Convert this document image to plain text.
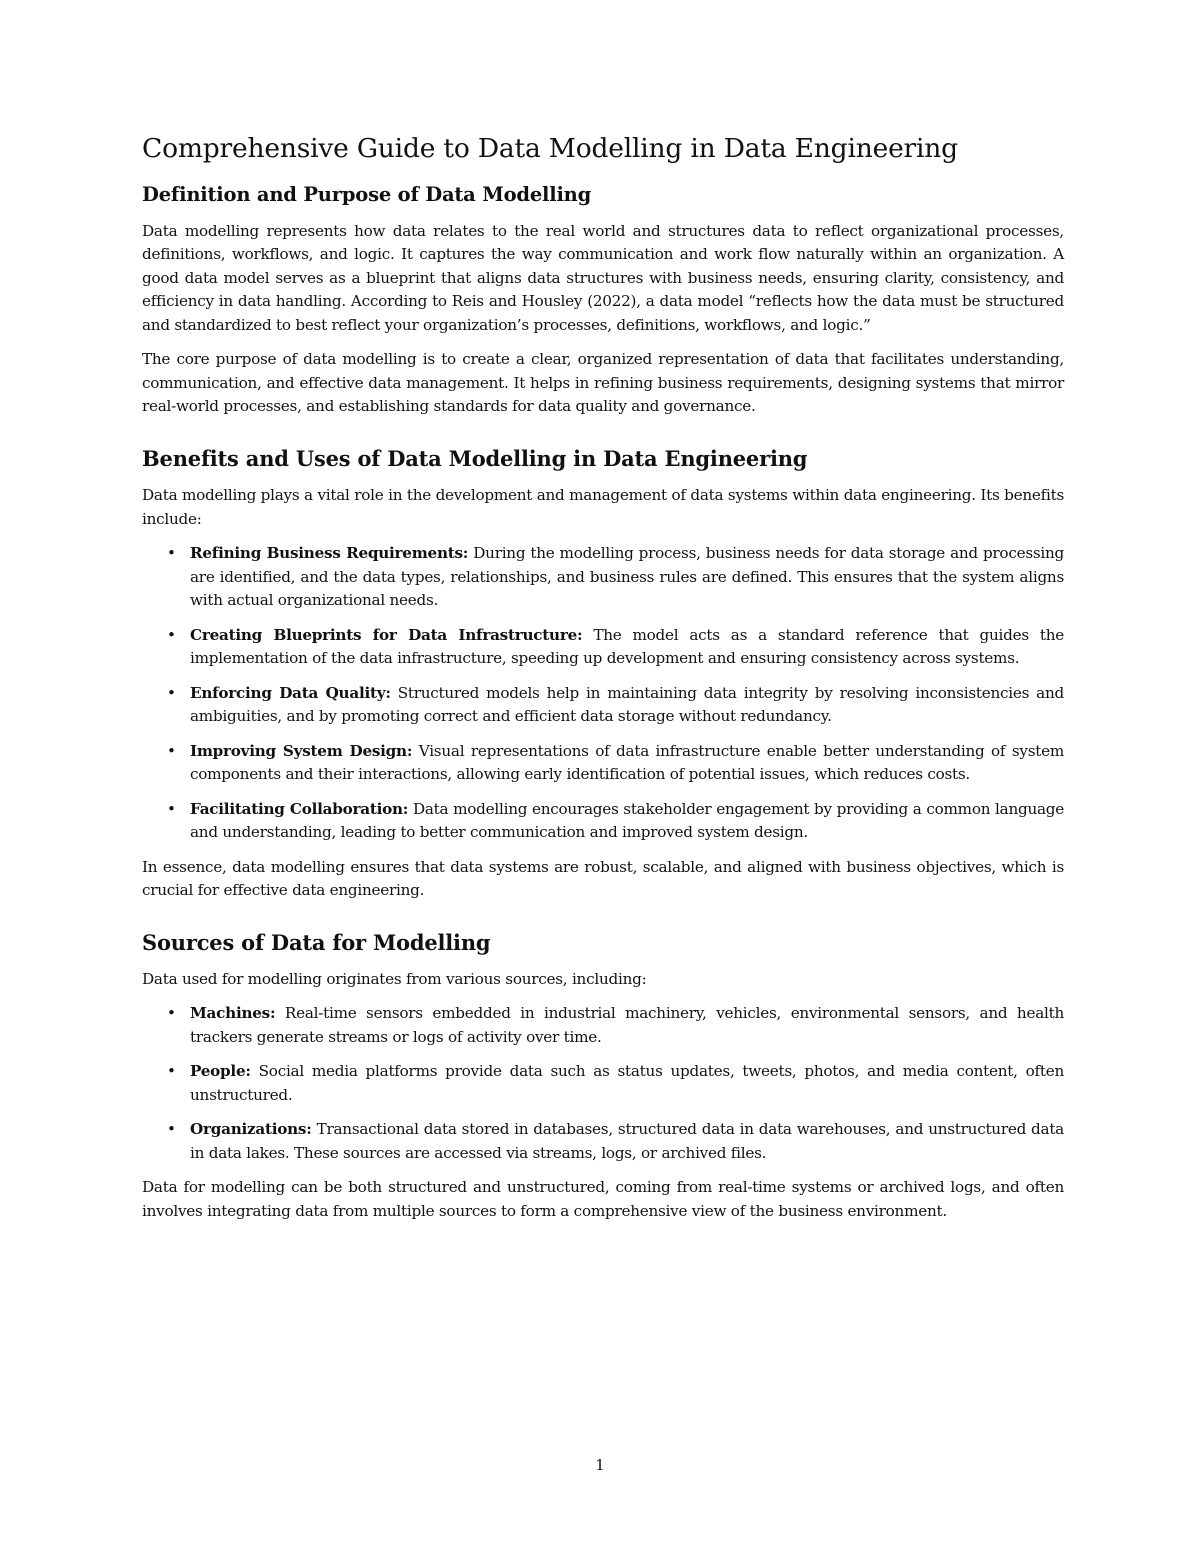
Comprehensive Guide to Data Modelling in Data Engineering
Definition and Purpose of Data Modelling

Data modelling represents how data relates to the real world and structures data to reflect organizational processes, definitions, workflows, and logic. It captures the way communication and work flow naturally within an organization. A good data model serves as a blueprint that aligns data structures with business needs, ensuring clarity, consistency, and efficiency in data handling. According to Reis and Housley (2022), a data model “reflects how the data must be structured and standardized to best reflect your organization’s processes, definitions, workflows, and logic.”

The core purpose of data modelling is to create a clear, organized representation of data that facilitates understanding, communication, and effective data management. It helps in refining business requirements, designing systems that mirror real-world processes, and establishing standards for data quality and governance.

Benefits and Uses of Data Modelling in Data Engineering

Data modelling plays a vital role in the development and management of data systems within data engineering. Its benefits include:

• Refining Business Requirements: During the modelling process, business needs for data storage and processing are identified, and the data types, relationships, and business rules are defined. This ensures that the system aligns with actual organizational needs.
• Creating Blueprints for Data Infrastructure: The model acts as a standard reference that guides the implementation of the data infrastructure, speeding up development and ensuring consistency across systems.
• Enforcing Data Quality: Structured models help in maintaining data integrity by resolving inconsistencies and ambiguities, and by promoting correct and efficient data storage without redundancy.
• Improving System Design: Visual representations of data infrastructure enable better understanding of system components and their interactions, allowing early identification of potential issues, which reduces costs.
• Facilitating Collaboration: Data modelling encourages stakeholder engagement by providing a common language and understanding, leading to better communication and improved system design.

In essence, data modelling ensures that data systems are robust, scalable, and aligned with business objectives, which is crucial for effective data engineering.

Sources of Data for Modelling

Data used for modelling originates from various sources, including:

• Machines: Real-time sensors embedded in industrial machinery, vehicles, environmental sensors, and health trackers generate streams or logs of activity over time.
• People: Social media platforms provide data such as status updates, tweets, photos, and media content, often unstructured.
• Organizations: Transactional data stored in databases, structured data in data warehouses, and unstructured data in data lakes. These sources are accessed via streams, logs, or archived files.

Data for modelling can be both structured and unstructured, coming from real-time systems or archived logs, and often involves integrating data from multiple sources to form a comprehensive view of the business environment.

1
